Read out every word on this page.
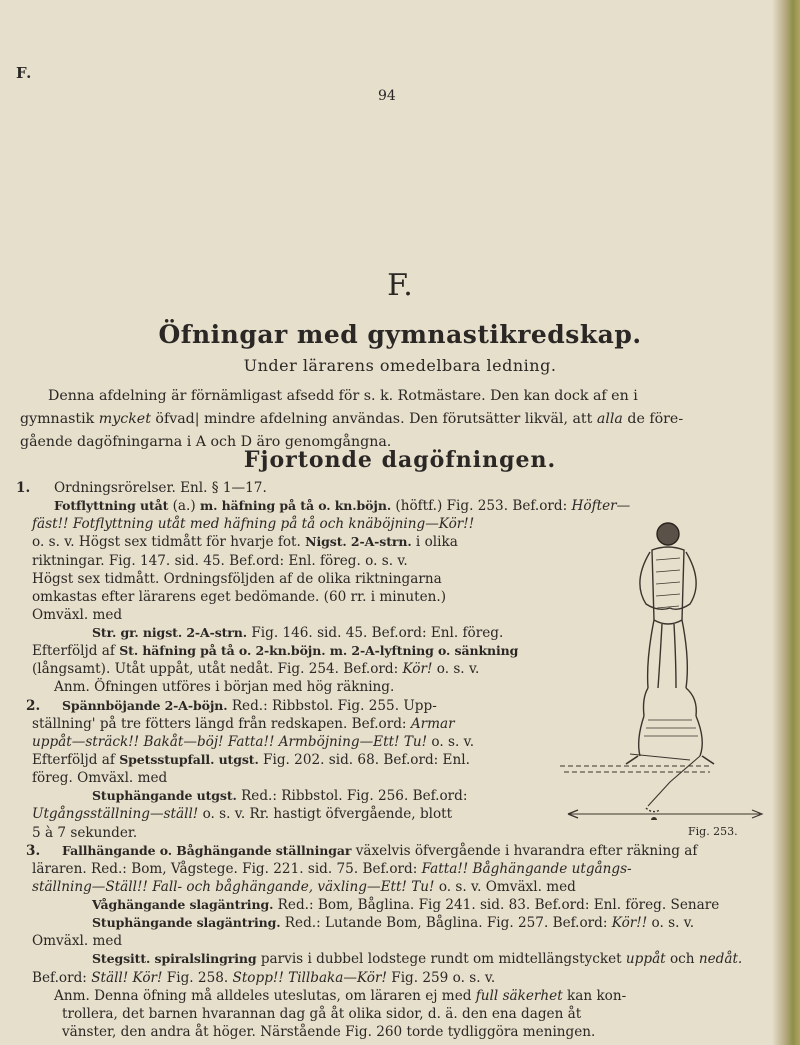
F.
94
F.
Öfningar med gymnastikredskap.
Under lärarens omedelbara ledning.

Denna afdelning är förnämligast afsedd för s. k. Rotmästare. Den kan dock af en i

gymnastik mycket öfvad| mindre afdelning användas. Den förutsätter likväl, att alla de före-
gående dagöfningarna i A och D äro genomgångna.
Fjortonde dagöfningen.
1.
2.
3.
Ordningsrörelser. Enl. § 1—17.
Fotflyttning utåt (a.) m. häfning på tå o. kn.böjn. (höftf.) Fig. 253. Bef.ord: Höfter—
fäst!! Fotflyttning utåt med häfning på tå och knäböjning—Kör!!
o. s. v. Högst sex tidmått för hvarje fot. Nigst. 2-A-strn. i olika
riktningar. Fig. 147. sid. 45. Bef.ord: Enl. föreg. o. s. v.
Högst sex tidmått. Ordningsföljden af de olika riktningarna
omkastas efter lärarens eget bedömande. (60 rr. i minuten.)
Omväxl. med
Str. gr. nigst. 2-A-strn. Fig. 146. sid. 45. Bef.ord: Enl. föreg.
Efterföljd af St. häfning på tå o. 2-kn.böjn. m. 2-A-lyftning o. sänkning
(långsamt). Utåt uppåt, utåt nedåt. Fig. 254. Bef.ord: Kör! o. s. v.
Anm. Öfningen utföres i början med hög räkning.
Spännböjande 2-A-böjn. Red.: Ribbstol. Fig. 255. Upp-
ställning' på tre fötters längd från redskapen. Bef.ord: Armar
uppåt—sträck!! Bakåt—böj! Fatta!! Armböjning—Ett! Tu! o. s. v.
Efterföljd af Spetsstupfall. utgst. Fig. 202. sid. 68. Bef.ord: Enl.
föreg. Omväxl. med
Stuphängande utgst. Red.: Ribbstol. Fig. 256. Bef.ord:
Utgångsställning—ställ! o. s. v. Rr. hastigt öfvergående, blott
5 à 7 sekunder.
Fallhängande o. Båghängande ställningar växelvis öfvergående i hvarandra efter räkning af
läraren. Red.: Bom, Vågstege. Fig. 221. sid. 75. Bef.ord: Fatta!! Båghängande utgångs-
ställning—Ställ!! Fall- och båghängande, växling—Ett! Tu! o. s. v. Omväxl. med
Våghängande slagäntring. Red.: Bom, Båglina. Fig 241. sid. 83. Bef.ord: Enl. föreg. Senare
Stuphängande slagäntring. Red.: Lutande Bom, Båglina. Fig. 257. Bef.ord: Kör!! o. s. v.
Omväxl. med
Stegsitt. spiralslingring parvis i dubbel lodstege rundt om midtellängstycket uppåt och nedåt.
Bef.ord: Ställ! Kör! Fig. 258. Stopp!! Tillbaka—Kör! Fig. 259 o. s. v.
Anm. Denna öfning må alldeles uteslutas, om läraren ej med full säkerhet kan kon-
trollera, det barnen hvarannan dag gå åt olika sidor, d. ä. den ena dagen åt
vänster, den andra åt höger. Närstående Fig. 260 torde tydliggöra meningen.
Fig. 253.
